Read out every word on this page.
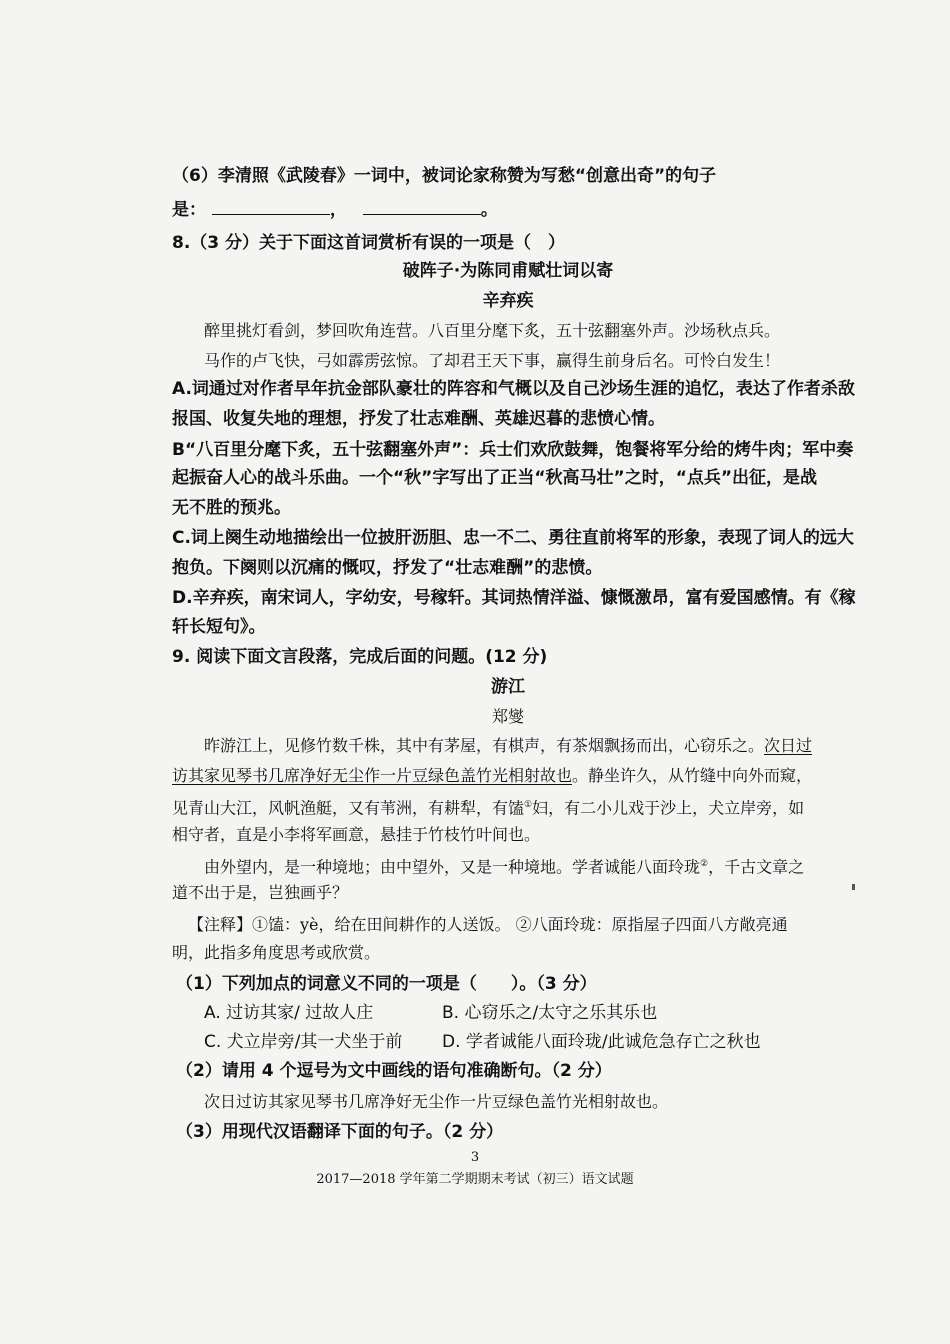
（6）李清照《武陵春》一词中，被词论家称赞为写愁“创意出奇”的句子
是：	，	。
8.（3 分）关于下面这首词赏析有误的一项是（　）
破阵子·为陈同甫赋壮词以寄
辛弃疾
醉里挑灯看剑，梦回吹角连营。八百里分麾下炙，五十弦翻塞外声。沙场秋点兵。
马作的卢飞快，弓如霹雳弦惊。了却君王天下事，赢得生前身后名。可怜白发生！
A.词通过对作者早年抗金部队豪壮的阵容和气概以及自己沙场生涯的追忆，表达了作者杀敌
报国、收复失地的理想，抒发了壮志难酬、英雄迟暮的悲愤心情。
B“八百里分麾下炙，五十弦翻塞外声”：兵士们欢欣鼓舞，饱餐将军分给的烤牛肉；军中奏
起振奋人心的战斗乐曲。一个“秋”字写出了正当“秋高马壮”之时，“点兵”出征，是战
无不胜的预兆。
C.词上阕生动地描绘出一位披肝沥胆、忠一不二、勇往直前将军的形象，表现了词人的远大
抱负。下阕则以沉痛的慨叹，抒发了“壮志难酬”的悲愤。
D.辛弃疾，南宋词人，字幼安，号稼轩。其词热情洋溢、慷慨激昂，富有爱国感情。有《稼
轩长短句》。
9. 阅读下面文言段落，完成后面的问题。(12 分)
游江
郑燮
昨游江上，见修竹数千株，其中有茅屋，有棋声，有茶烟飘扬而出，心窃乐之。次日过
访其家见琴书几席净好无尘作一片豆绿色盖竹光相射故也。静坐许久，从竹缝中向外而窥，
见青山大江，风帆渔艇，又有苇洲，有耕犁，有馌①妇，有二小儿戏于沙上，犬立岸旁，如
相守者，直是小李将军画意，悬挂于竹枝竹叶间也。
由外望内，是一种境地；由中望外，又是一种境地。学者诚能八面玲珑②，千古文章之
道不出于是，岂独画乎？
【注释】①馌：yè，给在田间耕作的人送饭。 ②八面玲珑：原指屋子四面八方敞亮通
明，此指多角度思考或欣赏。
（1）下列加点的词意义不同的一项是（　　）。（3 分）
A. 过访其家/ 过故人庄	B. 心窃乐之/太守之乐其乐也
C. 犬立岸旁/其一犬坐于前	D. 学者诚能八面玲珑/此诚危急存亡之秋也
（2）请用 4 个逗号为文中画线的语句准确断句。（2 分）
次日过访其家见琴书几席净好无尘作一片豆绿色盖竹光相射故也。
（3）用现代汉语翻译下面的句子。（2 分）
3
2017—2018 学年第二学期期末考试（初三）语文试题
